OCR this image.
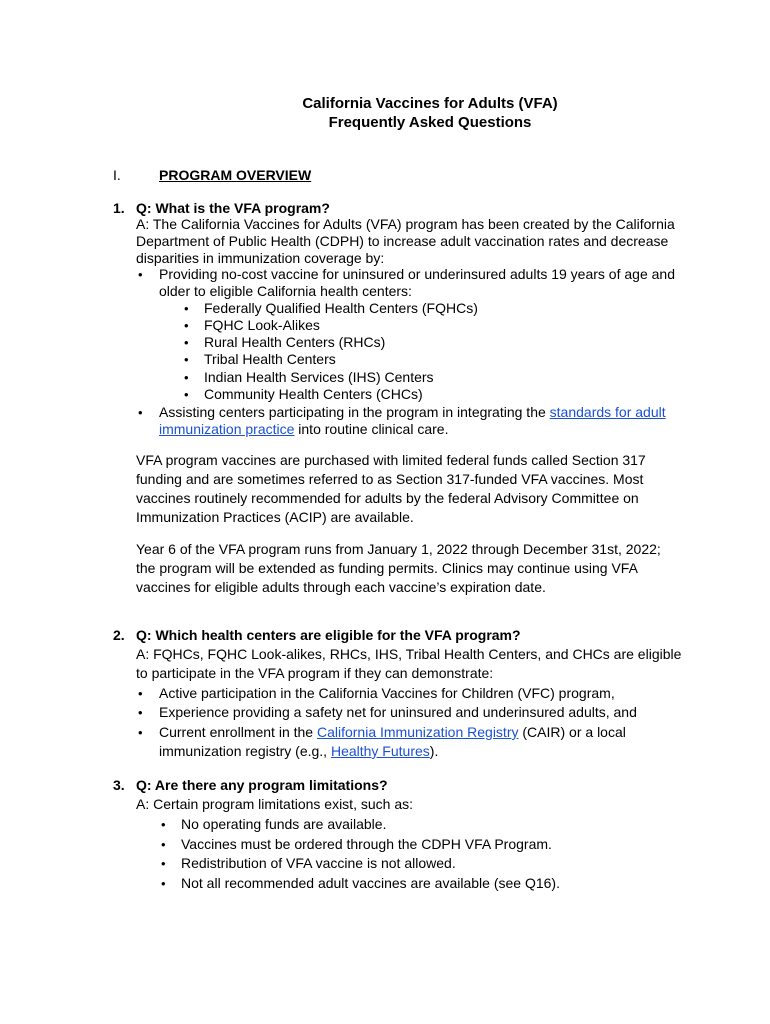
California Vaccines for Adults (VFA)
Frequently Asked Questions
I.	PROGRAM OVERVIEW
1. Q: What is the VFA program?
A: The California Vaccines for Adults (VFA) program has been created by the California
Department of Public Health (CDPH) to increase adult vaccination rates and decrease
disparities in immunization coverage by:
• Providing no-cost vaccine for uninsured or underinsured adults 19 years of age and
older to eligible California health centers:
• Federally Qualified Health Centers (FQHCs)
• FQHC Look-Alikes
• Rural Health Centers (RHCs)
• Tribal Health Centers
• Indian Health Services (IHS) Centers
• Community Health Centers (CHCs)
• Assisting centers participating in the program in integrating the standards for adult
immunization practice into routine clinical care.
VFA program vaccines are purchased with limited federal funds called Section 317
funding and are sometimes referred to as Section 317-funded VFA vaccines. Most
vaccines routinely recommended for adults by the federal Advisory Committee on
Immunization Practices (ACIP) are available.
Year 6 of the VFA program runs from January 1, 2022 through December 31st, 2022;
the program will be extended as funding permits. Clinics may continue using VFA
vaccines for eligible adults through each vaccine’s expiration date.
2. Q: Which health centers are eligible for the VFA program?
A: FQHCs, FQHC Look-alikes, RHCs, IHS, Tribal Health Centers, and CHCs are eligible
to participate in the VFA program if they can demonstrate:
• Active participation in the California Vaccines for Children (VFC) program,
• Experience providing a safety net for uninsured and underinsured adults, and
• Current enrollment in the California Immunization Registry (CAIR) or a local
immunization registry (e.g., Healthy Futures).
3. Q: Are there any program limitations?
A: Certain program limitations exist, such as:
• No operating funds are available.
• Vaccines must be ordered through the CDPH VFA Program.
• Redistribution of VFA vaccine is not allowed.
• Not all recommended adult vaccines are available (see Q16).
